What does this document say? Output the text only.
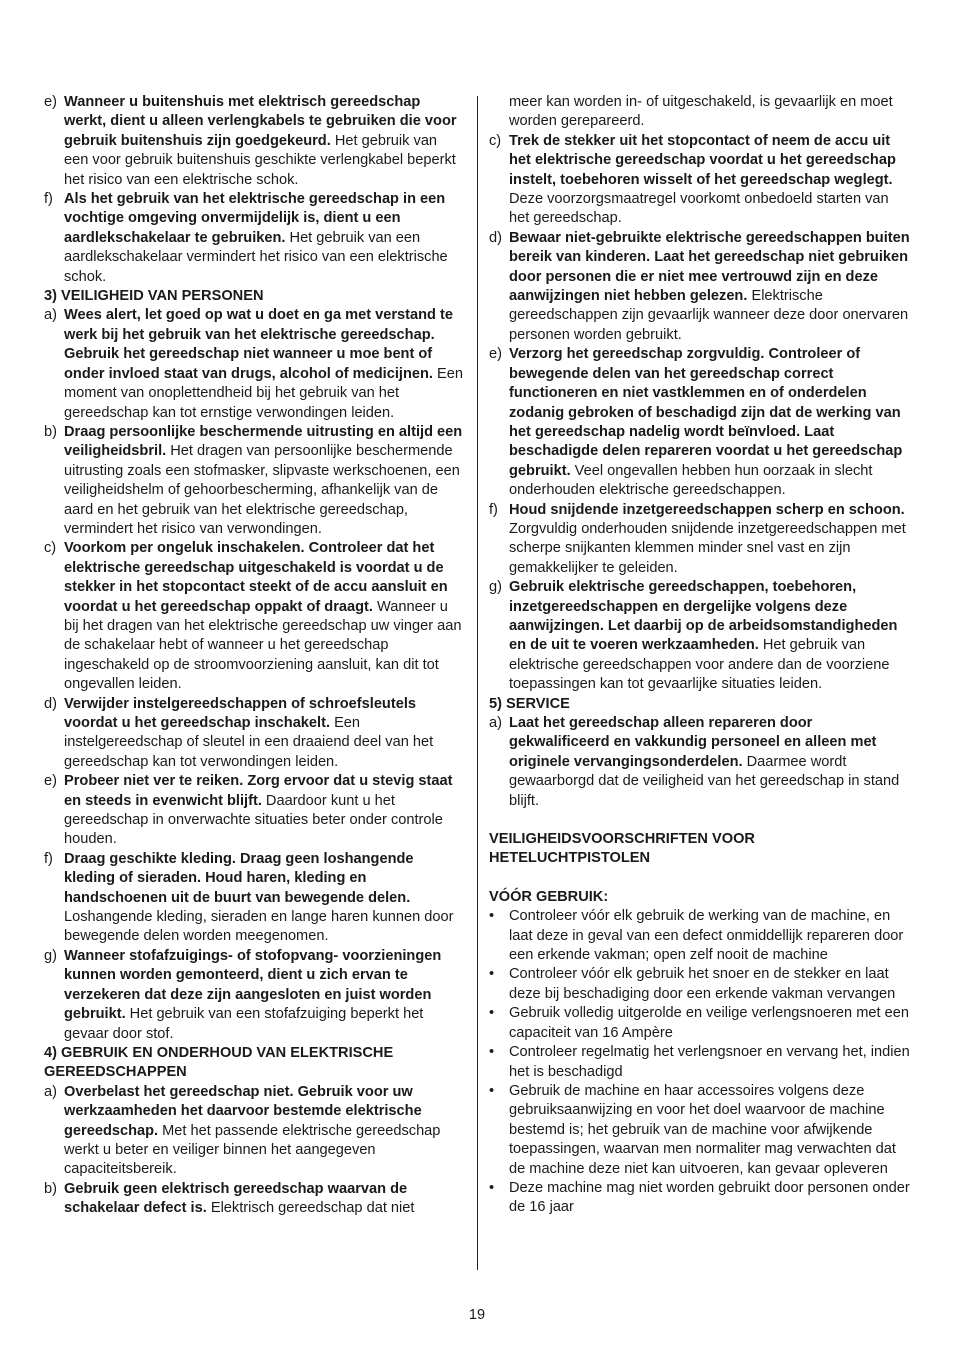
e) Wanneer u buitenshuis met elektrisch gereedschap werkt, dient u alleen verlengkabels te gebruiken die voor gebruik buitenshuis zijn goedgekeurd. Het gebruik van een voor gebruik buitenshuis geschikte verlengkabel beperkt het risico van een elektrische schok.
f) Als het gebruik van het elektrische gereedschap in een vochtige omgeving onvermijdelijk is, dient u een aardlekschakelaar te gebruiken. Het gebruik van een aardlekschakelaar vermindert het risico van een elektrische schok.
3) VEILIGHEID VAN PERSONEN
a) Wees alert, let goed op wat u doet en ga met verstand te werk bij het gebruik van het elektrische gereedschap. Gebruik het gereedschap niet wanneer u moe bent of onder invloed staat van drugs, alcohol of medicijnen. Een moment van onoplettendheid bij het gebruik van het gereedschap kan tot ernstige verwondingen leiden.
b) Draag persoonlijke beschermende uitrusting en altijd een veiligheidsbril. Het dragen van persoonlijke beschermende uitrusting zoals een stofmasker, slipvaste werkschoenen, een veiligheidshelm of gehoorbescherming, afhankelijk van de aard en het gebruik van het elektrische gereedschap, vermindert het risico van verwondingen.
c) Voorkom per ongeluk inschakelen. Controleer dat het elektrische gereedschap uitgeschakeld is voordat u de stekker in het stopcontact steekt of de accu aansluit en voordat u het gereedschap oppakt of draagt. Wanneer u bij het dragen van het elektrische gereedschap uw vinger aan de schakelaar hebt of wanneer u het gereedschap ingeschakeld op de stroomvoorziening aansluit, kan dit tot ongevallen leiden.
d) Verwijder instelgereedschappen of schroefsleutels voordat u het gereedschap inschakelt. Een instelgereedschap of sleutel in een draaiend deel van het gereedschap kan tot verwondingen leiden.
e) Probeer niet ver te reiken. Zorg ervoor dat u stevig staat en steeds in evenwicht blijft. Daardoor kunt u het gereedschap in onverwachte situaties beter onder controle houden.
f) Draag geschikte kleding. Draag geen loshangende kleding of sieraden. Houd haren, kleding en handschoenen uit de buurt van bewegende delen. Loshangende kleding, sieraden en lange haren kunnen door bewegende delen worden meegenomen.
g) Wanneer stofafzuigings- of stofopvang- voorzieningen kunnen worden gemonteerd, dient u zich ervan te verzekeren dat deze zijn aangesloten en juist worden gebruikt. Het gebruik van een stofafzuiging beperkt het gevaar door stof.
4) GEBRUIK EN ONDERHOUD VAN ELEKTRISCHE GEREEDSCHAPPEN
a) Overbelast het gereedschap niet. Gebruik voor uw werkzaamheden het daarvoor bestemde elektrische gereedschap. Met het passende elektrische gereedschap werkt u beter en veiliger binnen het aangegeven capaciteitsbereik.
b) Gebruik geen elektrisch gereedschap waarvan de schakelaar defect is. Elektrisch gereedschap dat niet
meer kan worden in- of uitgeschakeld, is gevaarlijk en moet worden gerepareerd.
c) Trek de stekker uit het stopcontact of neem de accu uit het elektrische gereedschap voordat u het gereedschap instelt, toebehoren wisselt of het gereedschap weglegt. Deze voorzorgsmaatregel voorkomt onbedoeld starten van het gereedschap.
d) Bewaar niet-gebruikte elektrische gereedschappen buiten bereik van kinderen. Laat het gereedschap niet gebruiken door personen die er niet mee vertrouwd zijn en deze aanwijzingen niet hebben gelezen. Elektrische gereedschappen zijn gevaarlijk wanneer deze door onervaren personen worden gebruikt.
e) Verzorg het gereedschap zorgvuldig. Controleer of bewegende delen van het gereedschap correct functioneren en niet vastklemmen en of onderdelen zodanig gebroken of beschadigd zijn dat de werking van het gereedschap nadelig wordt beïnvloed. Laat beschadigde delen repareren voordat u het gereedschap gebruikt. Veel ongevallen hebben hun oorzaak in slecht onderhouden elektrische gereedschappen.
f) Houd snijdende inzetgereedschappen scherp en schoon. Zorgvuldig onderhouden snijdende inzetgereedschappen met scherpe snijkanten klemmen minder snel vast en zijn gemakkelijker te geleiden.
g) Gebruik elektrische gereedschappen, toebehoren, inzetgereedschappen en dergelijke volgens deze aanwijzingen. Let daarbij op de arbeidsomstandigheden en de uit te voeren werkzaamheden. Het gebruik van elektrische gereedschappen voor andere dan de voorziene toepassingen kan tot gevaarlijke situaties leiden.
5) SERVICE
a) Laat het gereedschap alleen repareren door gekwalificeerd en vakkundig personeel en alleen met originele vervangingsonderdelen. Daarmee wordt gewaarborgd dat de veiligheid van het gereedschap in stand blijft.
VEILIGHEIDSVOORSCHRIFTEN VOOR HETELUCHTPISTOLEN
VÓÓR GEBRUIK:
•	Controleer vóór elk gebruik de werking van de machine, en laat deze in geval van een defect onmiddellijk repareren door een erkende vakman; open zelf nooit de machine
•	Controleer vóór elk gebruik het snoer en de stekker en laat deze bij beschadiging door een erkende vakman vervangen
•	Gebruik volledig uitgerolde en veilige verlengsnoeren met een capaciteit van 16 Ampère
•	Controleer regelmatig het verlengsnoer en vervang het, indien het is beschadigd
•	Gebruik de machine en haar accessoires volgens deze gebruiksaanwijzing en voor het doel waarvoor de machine bestemd is; het gebruik van de machine voor afwijkende toepassingen, waarvan men normaliter mag verwachten dat de machine deze niet kan uitvoeren, kan gevaar opleveren
•	Deze machine mag niet worden gebruikt door personen onder de 16 jaar
19
